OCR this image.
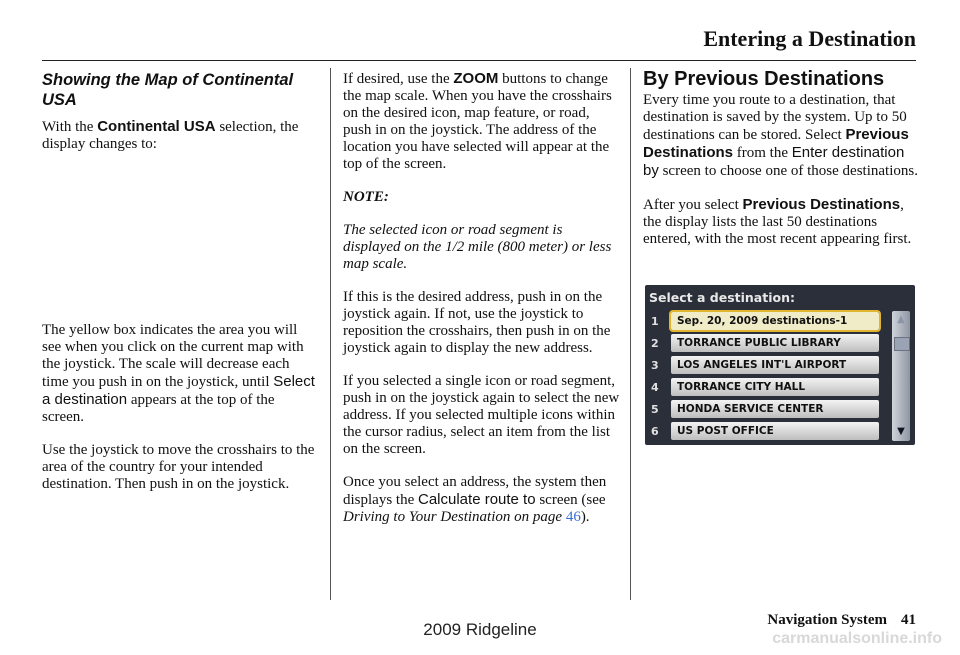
Entering a Destination
Showing the Map of Continental USA

With the Continental USA selection, the display changes to:

The yellow box indicates the area you will see when you click on the current map with the joystick. The scale will decrease each time you push in on the joystick, until Select a destination appears at the top of the screen.

Use the joystick to move the crosshairs to the area of the country for your intended destination. Then push in on the joystick.

If desired, use the ZOOM buttons to change the map scale. When you have the crosshairs on the desired icon, map feature, or road, push in on the joystick. The address of the location you have selected will appear at the top of the screen.

NOTE:

The selected icon or road segment is displayed on the 1/2 mile (800 meter) or less map scale.

If this is the desired address, push in on the joystick again. If not, use the joystick to reposition the crosshairs, then push in on the joystick again to display the new address.

If you selected a single icon or road segment, push in on the joystick again to select the new address. If you selected multiple icons within the cursor radius, select an item from the list on the screen.

Once you select an address, the system then displays the Calculate route to screen (see Driving to Your Destination on page 46).

By Previous Destinations

Every time you route to a destination, that destination is saved by the system. Up to 50 destinations can be stored. Select Previous Destinations from the Enter destination by screen to choose one of those destinations.

After you select Previous Destinations, the display lists the last 50 destinations entered, with the most recent appearing first.

Select a destination:
1	Sep. 20, 2009 destinations-1
2	TORRANCE PUBLIC LIBRARY
3	LOS ANGELES INT'L AIRPORT
4	TORRANCE CITY HALL
5	HONDA SERVICE CENTER
6	US POST OFFICE
▲
▼
Navigation System 41
2009 Ridgeline	carmanualsonline.info
